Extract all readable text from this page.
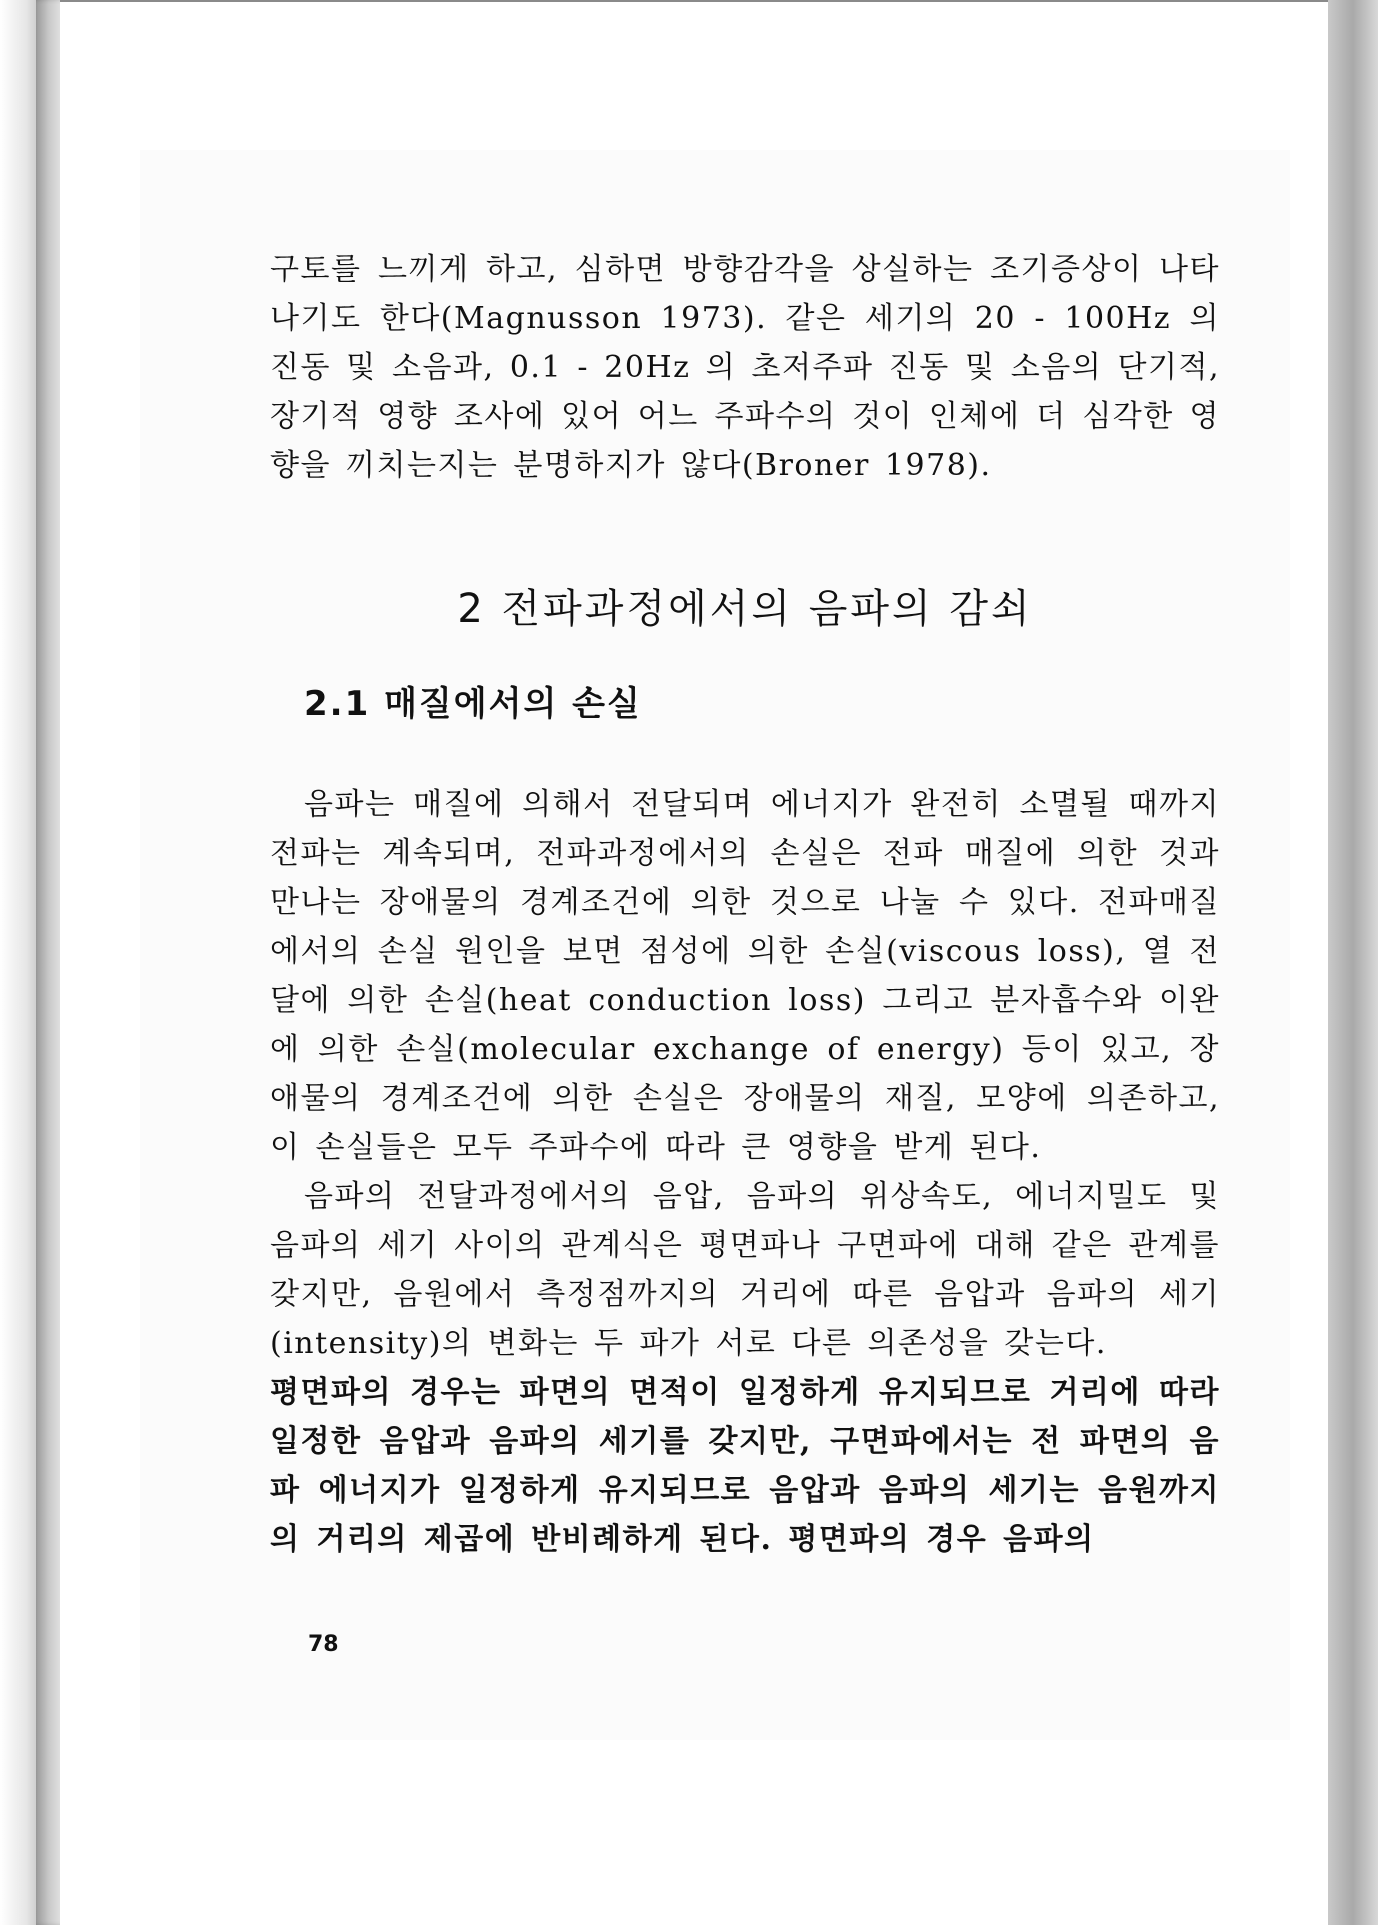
구토를 느끼게 하고, 심하면 방향감각을 상실하는 조기증상이 나타나기도 한다(Magnusson 1973). 같은 세기의 20 - 100Hz 의 진동 및 소음과, 0.1 - 20Hz 의 초저주파 진동 및 소음의 단기적, 장기적 영향 조사에 있어 어느 주파수의 것이 인체에 더 심각한 영향을 끼치는지는 분명하지가 않다(Broner 1978).

2 전파과정에서의 음파의 감쇠
2.1 매질에서의 손실

음파는 매질에 의해서 전달되며 에너지가 완전히 소멸될 때까지 전파는 계속되며, 전파과정에서의 손실은 전파 매질에 의한 것과 만나는 장애물의 경계조건에 의한 것으로 나눌 수 있다. 전파매질에서의 손실 원인을 보면 점성에 의한 손실(viscous loss), 열 전달에 의한 손실(heat conduction loss) 그리고 분자흡수와 이완에 의한 손실(molecular exchange of energy) 등이 있고, 장애물의 경계조건에 의한 손실은 장애물의 재질, 모양에 의존하고, 이 손실들은 모두 주파수에 따라 큰 영향을 받게 된다.

음파의 전달과정에서의 음압, 음파의 위상속도, 에너지밀도 및 음파의 세기 사이의 관계식은 평면파나 구면파에 대해 같은 관계를 갖지만, 음원에서 측정점까지의 거리에 따른 음압과 음파의 세기(intensity)의 변화는 두 파가 서로 다른 의존성을 갖는다.

평면파의 경우는 파면의 면적이 일정하게 유지되므로 거리에 따라 일정한 음압과 음파의 세기를 갖지만, 구면파에서는 전 파면의 음파 에너지가 일정하게 유지되므로 음압과 음파의 세기는 음원까지의 거리의 제곱에 반비례하게 된다. 평면파의 경우 음파의

78
